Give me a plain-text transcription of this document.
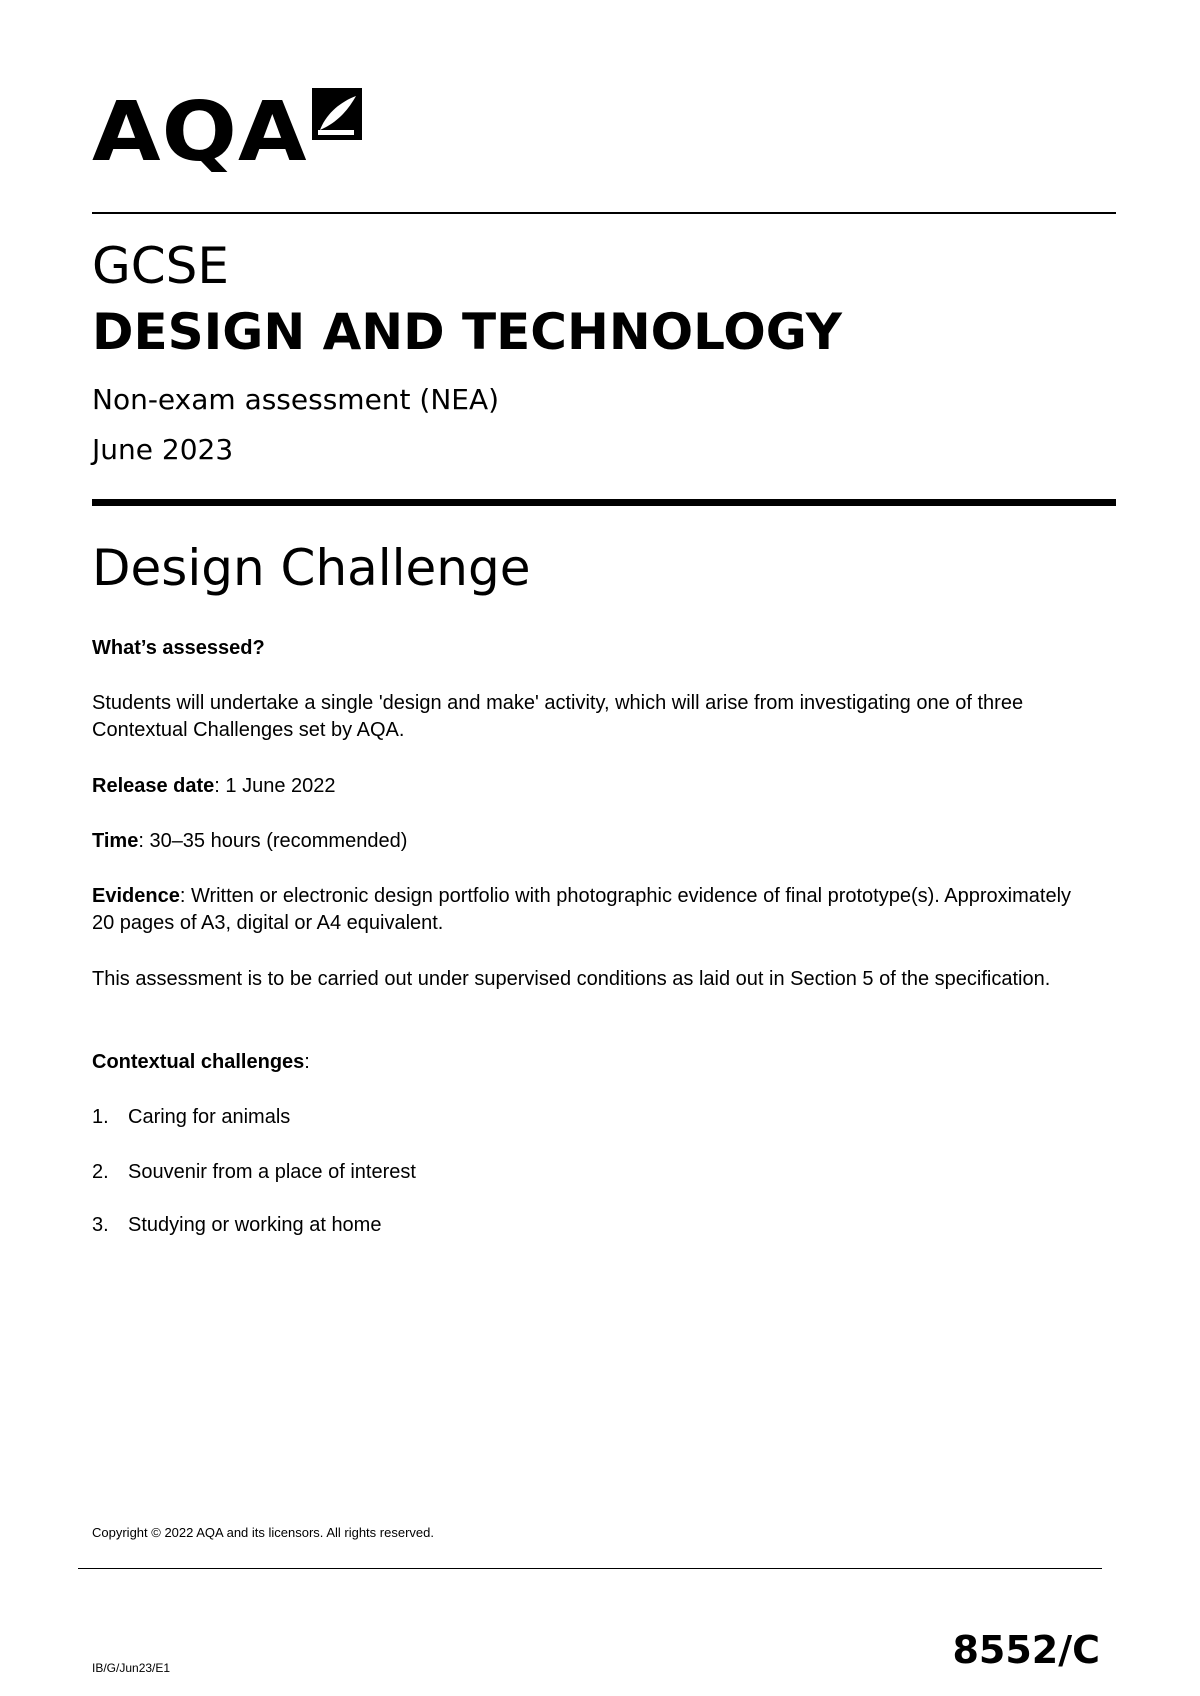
AQA
GCSE
DESIGN AND TECHNOLOGY
Non-exam assessment (NEA)
June 2023
Design Challenge
What’s assessed?
Students will undertake a single 'design and make' activity, which will arise from investigating one of three Contextual Challenges set by AQA.
Release date: 1 June 2022
Time: 30–35 hours (recommended)
Evidence: Written or electronic design portfolio with photographic evidence of final prototype(s). Approximately 20 pages of A3, digital or A4 equivalent.
This assessment is to be carried out under supervised conditions as laid out in Section 5 of the specification.
Contextual challenges:
1. Caring for animals
2. Souvenir from a place of interest
3. Studying or working at home
Copyright © 2022 AQA and its licensors. All rights reserved.
IB/G/Jun23/E1	8552/C
